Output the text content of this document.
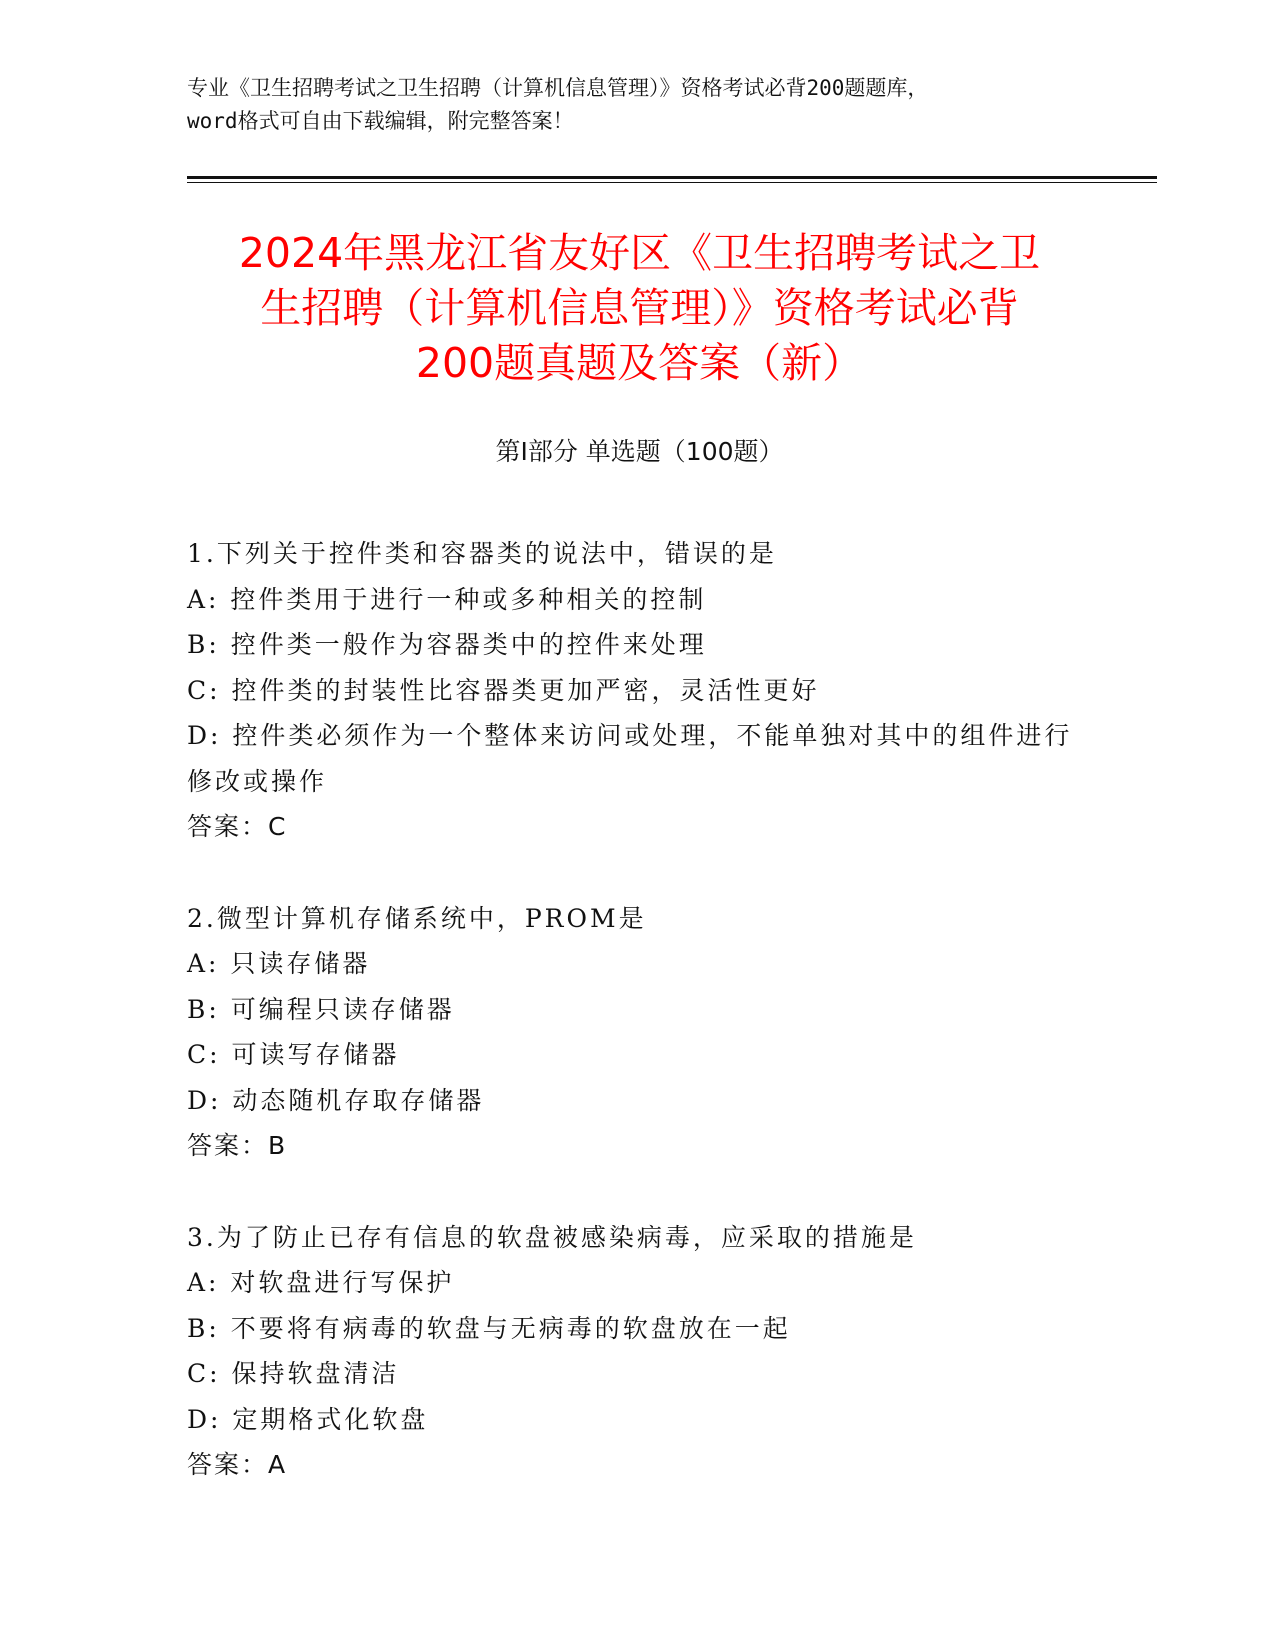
专业《卫生招聘考试之卫生招聘（计算机信息管理）》资格考试必背200题题库，
word格式可自由下载编辑，附完整答案！
2024年黑龙江省友好区《卫生招聘考试之卫
生招聘（计算机信息管理）》资格考试必背
200题真题及答案（新）
第Ⅰ部分 单选题（100题）
1.下列关于控件类和容器类的说法中，错误的是
A: 控件类用于进行一种或多种相关的控制
B: 控件类一般作为容器类中的控件来处理
C: 控件类的封装性比容器类更加严密，灵活性更好
D: 控件类必须作为一个整体来访问或处理，不能单独对其中的组件进行修改或操作
答案：C
2.微型计算机存储系统中，PROM是
A: 只读存储器
B: 可编程只读存储器
C: 可读写存储器
D: 动态随机存取存储器
答案：B
3.为了防止已存有信息的软盘被感染病毒，应采取的措施是
A: 对软盘进行写保护
B: 不要将有病毒的软盘与无病毒的软盘放在一起
C: 保持软盘清洁
D: 定期格式化软盘
答案：A
